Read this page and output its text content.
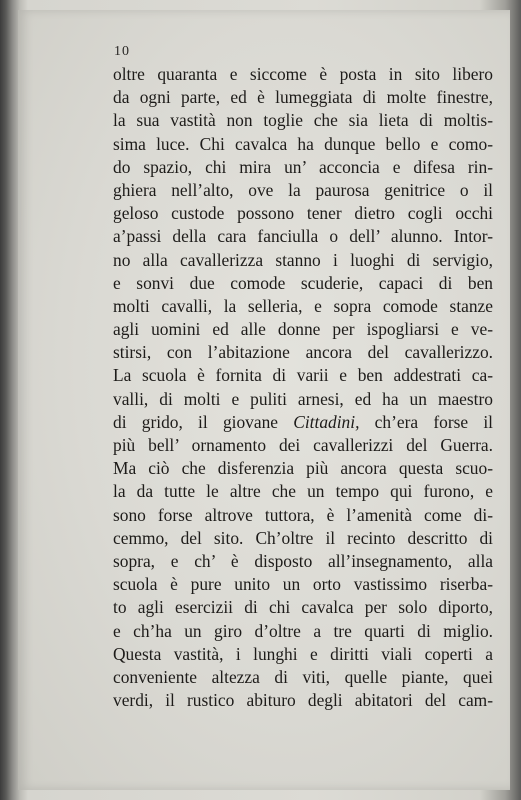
10
oltre quaranta e siccome è posta in sito libero
da ogni parte, ed è lumeggiata di molte finestre,
la sua vastità non toglie che sia lieta di moltis-
sima luce. Chi cavalca ha dunque bello e como-
do spazio, chi mira un’ acconcia e difesa rin-
ghiera nell’alto, ove la paurosa genitrice o il
geloso custode possono tener dietro cogli occhi
a’passi della cara fanciulla o dell’ alunno. Intor-
no alla cavallerizza stanno i luoghi di servigio,
e sonvi due comode scuderie, capaci di ben
molti cavalli, la selleria, e sopra comode stanze
agli uomini ed alle donne per ispogliarsi e ve-
stirsi, con l’abitazione ancora del cavallerizzo.
La scuola è fornita di varii e ben addestrati ca-
valli, di molti e puliti arnesi, ed ha un maestro
di grido, il giovane Cittadini, ch’era forse il
più bell’ ornamento dei cavallerizzi del Guerra.
Ma ciò che disferenzia più ancora questa scuo-
la da tutte le altre che un tempo qui furono, e
sono forse altrove tuttora, è l’amenità come di-
cemmo, del sito. Ch’oltre il recinto descritto di
sopra, e ch’ è disposto all’insegnamento, alla
scuola è pure unito un orto vastissimo riserba-
to agli esercizii di chi cavalca per solo diporto,
e ch’ha un giro d’oltre a tre quarti di miglio.
Questa vastità, i lunghi e diritti viali coperti a
conveniente altezza di viti, quelle piante, quei
verdi, il rustico abituro degli abitatori del cam-
